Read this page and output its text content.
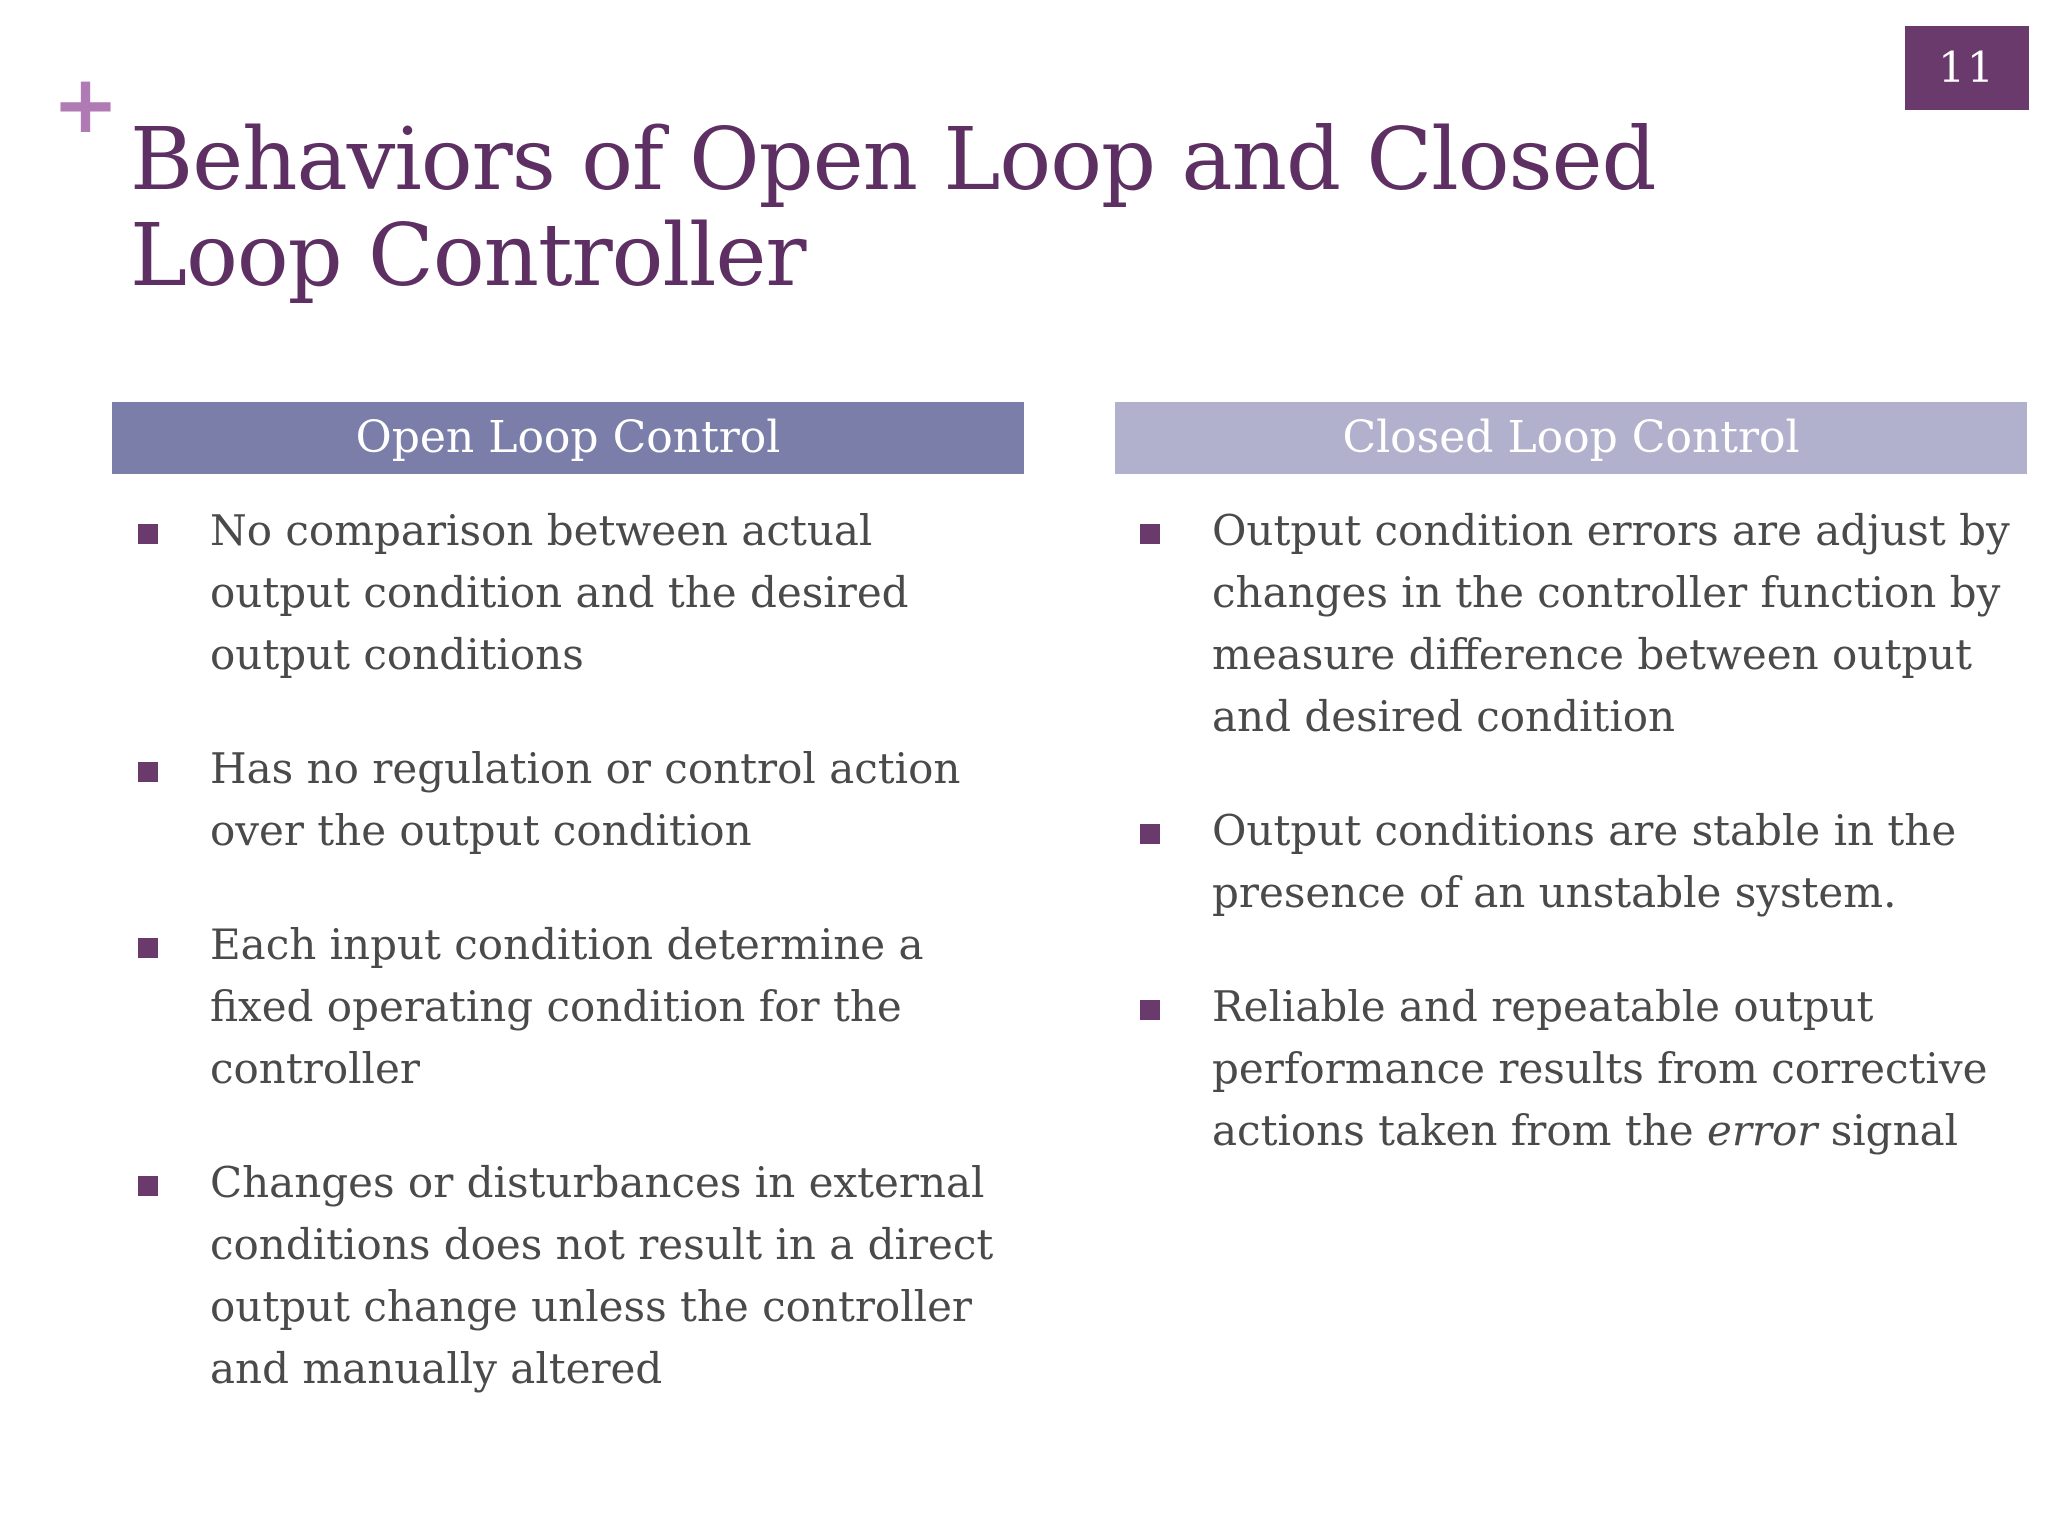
11
+
Behaviors of Open Loop and Closed Loop Controller
Open Loop Control	Closed Loop Control
No comparison between actual output condition and the desired output conditions
Has no regulation or control action over the output condition
Each input condition determine a fixed operating condition for the controller
Changes or disturbances in external conditions does not result in a direct output change unless the controller and manually altered
Output condition errors are adjust by changes in the controller function by measure difference between output and desired condition
Output conditions are stable in the presence of an unstable system.
Reliable and repeatable output performance results from corrective actions taken from the error signal
